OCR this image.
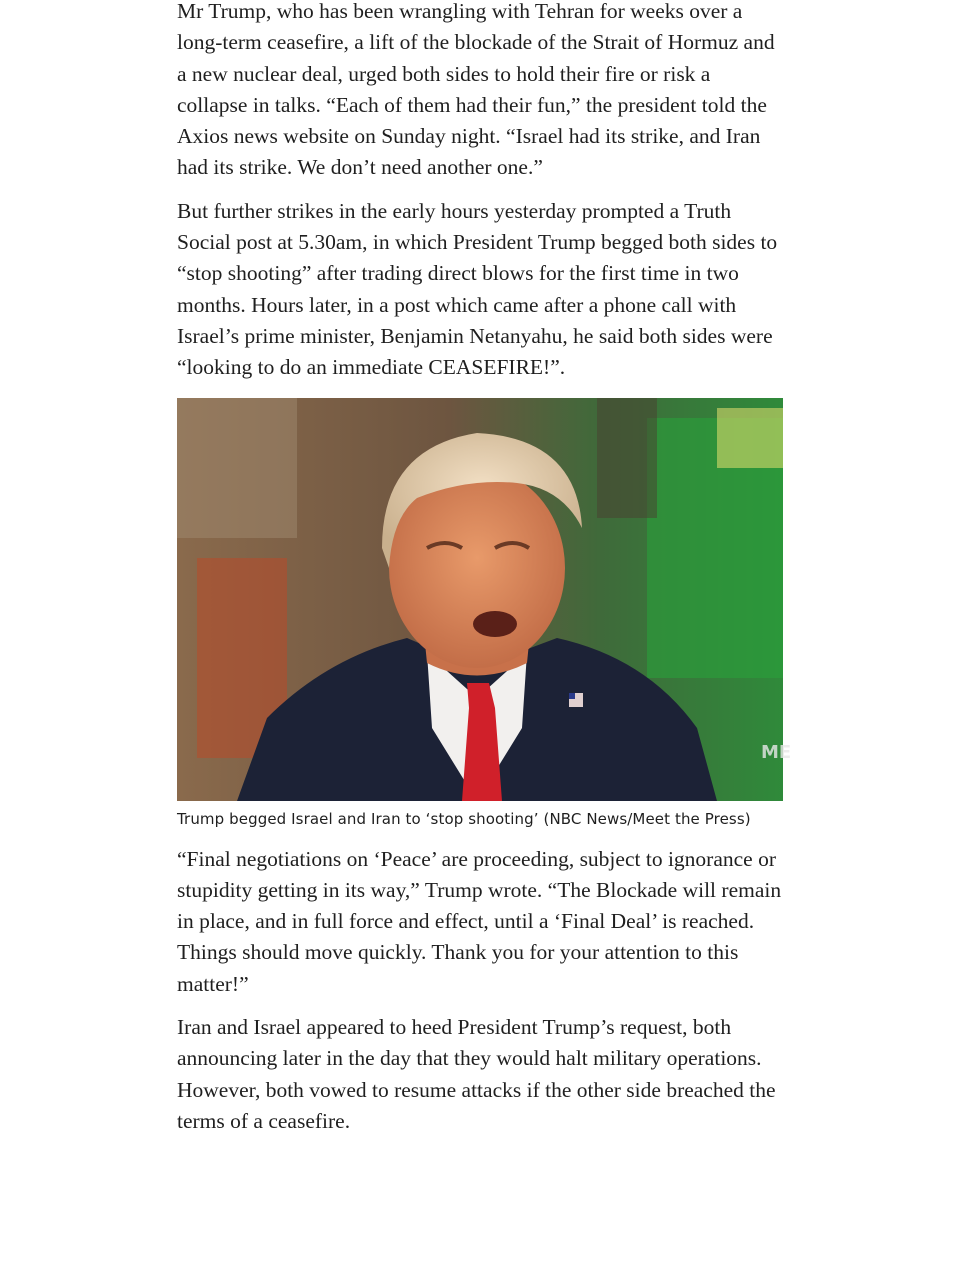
Mr Trump, who has been wrangling with Tehran for weeks over a long-term ceasefire, a lift of the blockade of the Strait of Hormuz and a new nuclear deal, urged both sides to hold their fire or risk a collapse in talks. “Each of them had their fun,” the president told the Axios news website on Sunday night. “Israel had its strike, and Iran had its strike. We don’t need another one.”

But further strikes in the early hours yesterday prompted a Truth Social post at 5.30am, in which President Trump begged both sides to “stop shooting” after trading direct blows for the first time in two months. Hours later, in a post which came after a phone call with Israel’s prime minister, Benjamin Netanyahu, he said both sides were “looking to do an immediate CEASEFIRE!”.

ME
Trump begged Israel and Iran to ‘stop shooting’ (NBC News/Meet the Press)

“Final negotiations on ‘Peace’ are proceeding, subject to ignorance or stupidity getting in its way,” Trump wrote. “The Blockade will remain in place, and in full force and effect, until a ‘Final Deal’ is reached. Things should move quickly. Thank you for your attention to this matter!”

Iran and Israel appeared to heed President Trump’s request, both announcing later in the day that they would halt military operations. However, both vowed to resume attacks if the other side breached the terms of a ceasefire.
